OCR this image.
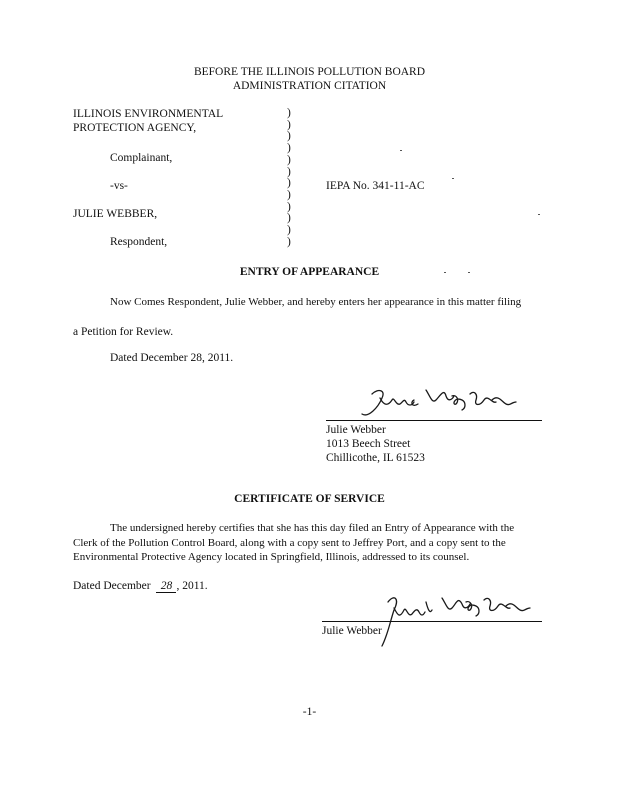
BEFORE THE ILLINOIS POLLUTION BOARD
ADMINISTRATION CITATION
ILLINOIS ENVIRONMENTAL
PROTECTION AGENCY,
Complainant,
-vs-
JULIE WEBBER,
Respondent,
IEPA No. 341-11-AC
)
)
)
)
)
)
)
)
)
)
)
)
ENTRY OF APPEARANCE
Now Comes Respondent, Julie Webber, and hereby enters her appearance in this matter filing
a Petition for Review.
Dated December 28, 2011.
Julie Webber
1013 Beech Street
Chillicothe, IL 61523
CERTIFICATE OF SERVICE
The undersigned hereby certifies that she has this day filed an Entry of Appearance with the
Clerk of the Pollution Control Board, along with a copy sent to Jeffrey Port, and a copy sent to the
Environmental Protective Agency located in Springfield, Illinois, addressed to its counsel.
Dated December 28 , 2011.
Julie Webber
-1-
